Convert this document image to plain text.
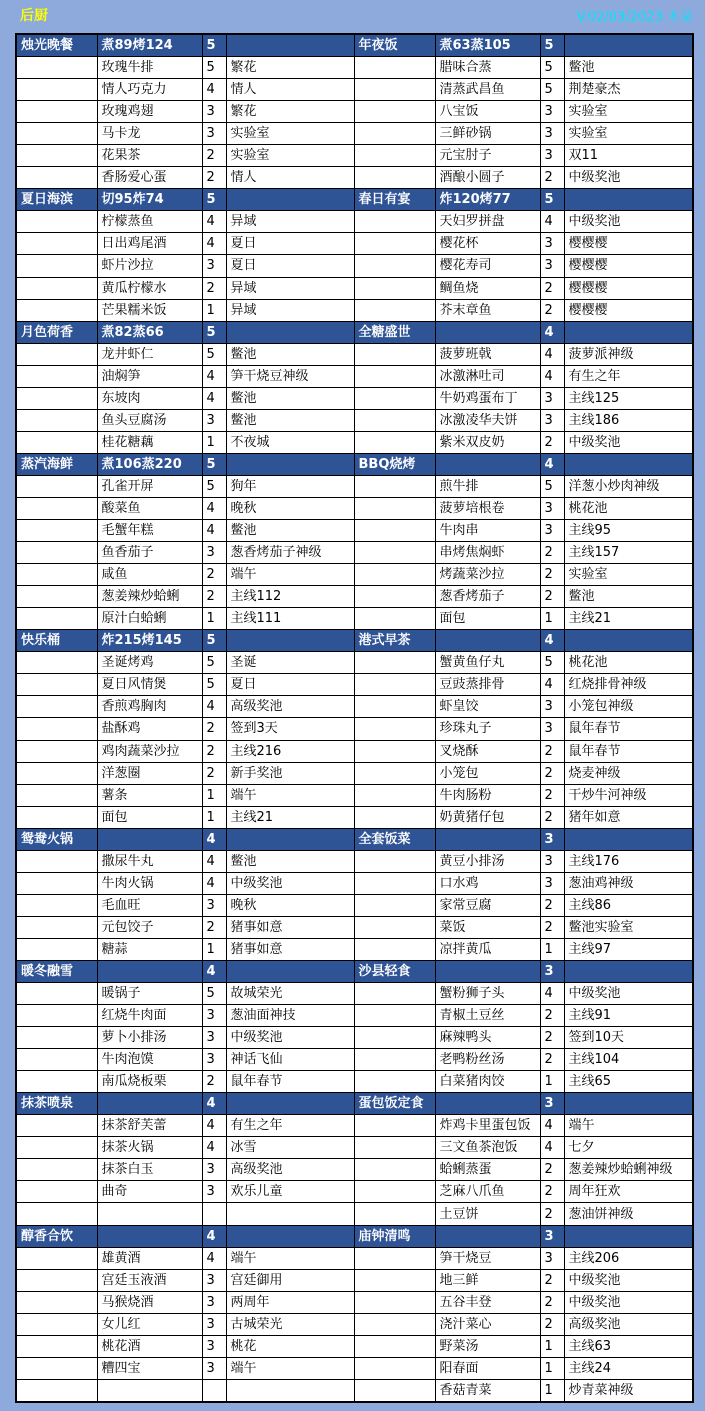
后厨	V.02/03/2023 木朵
烛光晚餐	煮89烤124	5		年夜饭	煮63蒸105	5	
	玫瑰牛排	5	繁花		腊味合蒸	5	鳖池
	情人巧克力	4	情人		清蒸武昌鱼	5	荆楚豪杰
	玫瑰鸡翅	3	繁花		八宝饭	3	实验室
	马卡龙	3	实验室		三鲜砂锅	3	实验室
	花果茶	2	实验室		元宝肘子	3	双11
	香肠爱心蛋	2	情人		酒酿小圆子	2	中级奖池
夏日海滨	切95炸74	5		春日有宴	炸120烤77	5	
	柠檬蒸鱼	4	异域		天妇罗拼盘	4	中级奖池
	日出鸡尾酒	4	夏日		樱花杯	3	樱樱樱
	虾片沙拉	3	夏日		樱花寿司	3	樱樱樱
	黄瓜柠檬水	2	异域		鲷鱼烧	2	樱樱樱
	芒果糯米饭	1	异域		芥末章鱼	2	樱樱樱
月色荷香	煮82蒸66	5		全糖盛世		4	
	龙井虾仁	5	鳖池		菠萝班戟	4	菠萝派神级
	油焖笋	4	笋干烧豆神级		冰激淋吐司	4	有生之年
	东坡肉	4	鳖池		牛奶鸡蛋布丁	3	主线125
	鱼头豆腐汤	3	鳖池		冰激凌华夫饼	3	主线186
	桂花糖藕	1	不夜城		紫米双皮奶	2	中级奖池
蒸汽海鲜	煮106蒸220	5		BBQ烧烤		4	
	孔雀开屏	5	狗年		煎牛排	5	洋葱小炒肉神级
	酸菜鱼	4	晚秋		菠萝培根卷	3	桃花池
	毛蟹年糕	4	鳖池		牛肉串	3	主线95
	鱼香茄子	3	葱香烤茄子神级		串烤焦焖虾	2	主线157
	咸鱼	2	端午		烤蔬菜沙拉	2	实验室
	葱姜辣炒蛤蜊	2	主线112		葱香烤茄子	2	鳖池
	原汁白蛤蜊	1	主线111		面包	1	主线21
快乐桶	炸215烤145	5		港式早茶		4	
	圣诞烤鸡	5	圣诞		蟹黄鱼仔丸	5	桃花池
	夏日风情煲	5	夏日		豆豉蒸排骨	4	红烧排骨神级
	香煎鸡胸肉	4	高级奖池		虾皇饺	3	小笼包神级
	盐酥鸡	2	签到3天		珍珠丸子	3	鼠年春节
	鸡肉蔬菜沙拉	2	主线216		叉烧酥	2	鼠年春节
	洋葱圈	2	新手奖池		小笼包	2	烧麦神级
	薯条	1	端午		牛肉肠粉	2	干炒牛河神级
	面包	1	主线21		奶黄猪仔包	2	猪年如意
鸳鸯火锅		4		全套饭菜		3	
	撒尿牛丸	4	鳖池		黄豆小排汤	3	主线176
	牛肉火锅	4	中级奖池		口水鸡	3	葱油鸡神级
	毛血旺	3	晚秋		家常豆腐	2	主线86
	元包饺子	2	猪事如意		菜饭	2	鳖池实验室
	糖蒜	1	猪事如意		凉拌黄瓜	1	主线97
暖冬融雪		4		沙县轻食		3	
	暖锅子	5	故城荣光		蟹粉狮子头	4	中级奖池
	红烧牛肉面	3	葱油面神技		青椒土豆丝	2	主线91
	萝卜小排汤	3	中级奖池		麻辣鸭头	2	签到10天
	牛肉泡馍	3	神话飞仙		老鸭粉丝汤	2	主线104
	南瓜烧板栗	2	鼠年春节		白菜猪肉饺	1	主线65
抹茶喷泉		4		蛋包饭定食		3	
	抹茶舒芙蕾	4	有生之年		炸鸡卡里蛋包饭	4	端午
	抹茶火锅	4	冰雪		三文鱼茶泡饭	4	七夕
	抹茶白玉	3	高级奖池		蛤蜊蒸蛋	2	葱姜辣炒蛤蜊神级
	曲奇	3	欢乐儿童		芝麻八爪鱼	2	周年狂欢
					土豆饼	2	葱油饼神级
醇香合饮		4		庙钟清鸣		3	
	雄黄酒	4	端午		笋干烧豆	3	主线206
	宫廷玉液酒	3	宫廷御用		地三鲜	2	中级奖池
	马猴烧酒	3	两周年		五谷丰登	2	中级奖池
	女儿红	3	古城荣光		浇汁菜心	2	高级奖池
	桃花酒	3	桃花		野菜汤	1	主线63
	糟四宝	3	端午		阳春面	1	主线24
					香菇青菜	1	炒青菜神级
